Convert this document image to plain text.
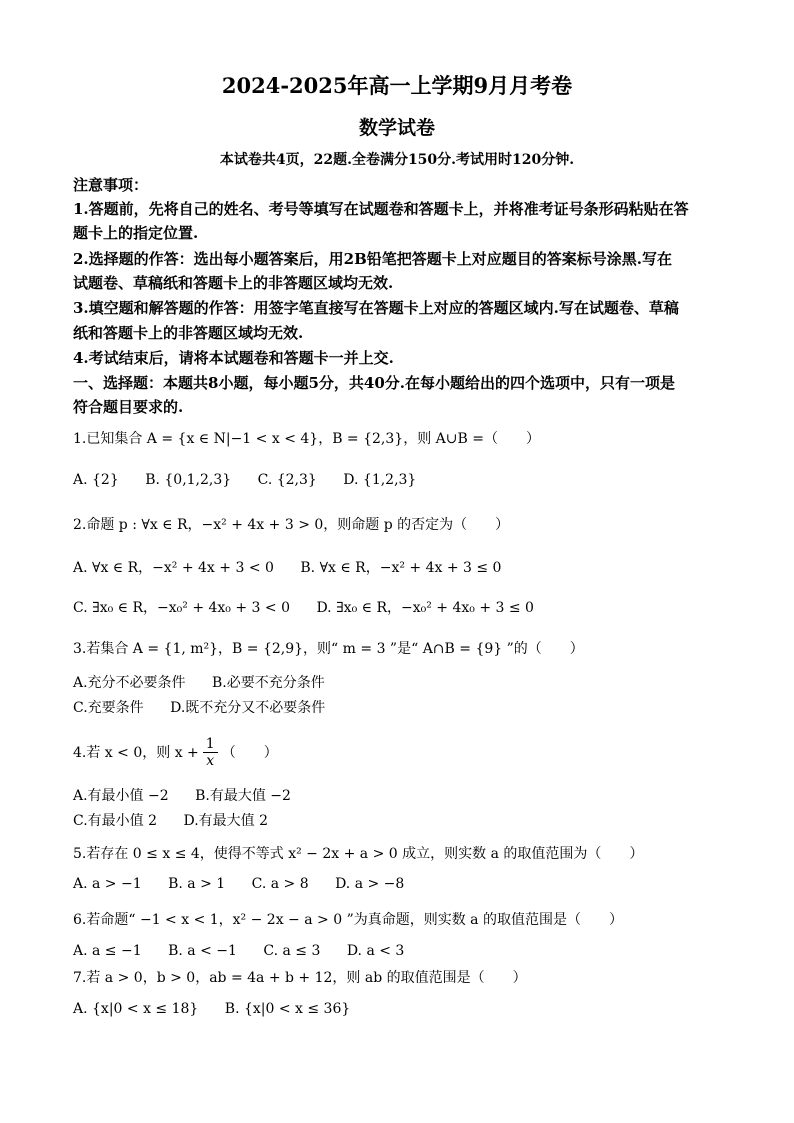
2024-2025年高一上学期9月月考卷
数学试卷
本试卷共4页，22题.全卷满分150分.考试用时120分钟.
注意事项：
1.答题前，先将自己的姓名、考号等填写在试题卷和答题卡上，并将准考证号条形码粘贴在答
题卡上的指定位置.
2.选择题的作答：选出每小题答案后，用2B铅笔把答题卡上对应题目的答案标号涂黑.写在
试题卷、草稿纸和答题卡上的非答题区域均无效.
3.填空题和解答题的作答：用签字笔直接写在答题卡上对应的答题区域内.写在试题卷、草稿
纸和答题卡上的非答题区域均无效.
4.考试结束后，请将本试题卷和答题卡一并上交.
一、选择题：本题共8小题，每小题5分，共40分.在每小题给出的四个选项中，只有一项是
符合题目要求的.
1.已知集合 A = {x ∈ N|−1 < x < 4}，B = {2,3}，则 A∪B =（　　）
A. {2} B. {0,1,2,3} C. {2,3} D. {1,2,3}
2.命题 p : ∀x ∈ R，−x² + 4x + 3 > 0，则命题 p 的否定为（　　）
A. ∀x ∈ R，−x² + 4x + 3 < 0 B. ∀x ∈ R，−x² + 4x + 3 ≤ 0
C. ∃x₀ ∈ R，−x₀² + 4x₀ + 3 < 0 D. ∃x₀ ∈ R，−x₀² + 4x₀ + 3 ≤ 0
3.若集合 A = {1, m²}，B = {2,9}，则“ m = 3 ”是“ A∩B = {9} ”的（　　）
A.充分不必要条件 B.必要不充分条件
C.充要条件 D.既不充分又不必要条件
4.若 x < 0，则 $x + \frac{1}{x}$ （　　）
A.有最小值 −2 B.有最大值 −2
C.有最小值 2 D.有最大值 2
5.若存在 0 ≤ x ≤ 4，使得不等式 x² − 2x + a > 0 成立，则实数 a 的取值范围为（　　）
A. a > −1 B. a > 1 C. a > 8 D. a > −8
6.若命题“ −1 < x < 1，x² − 2x − a > 0 ”为真命题，则实数 a 的取值范围是（　　）
A. a ≤ −1 B. a < −1 C. a ≤ 3 D. a < 3
7.若 a > 0，b > 0，ab = 4a + b + 12，则 ab 的取值范围是（　　）
A. {x|0 < x ≤ 18} B. {x|0 < x ≤ 36}
